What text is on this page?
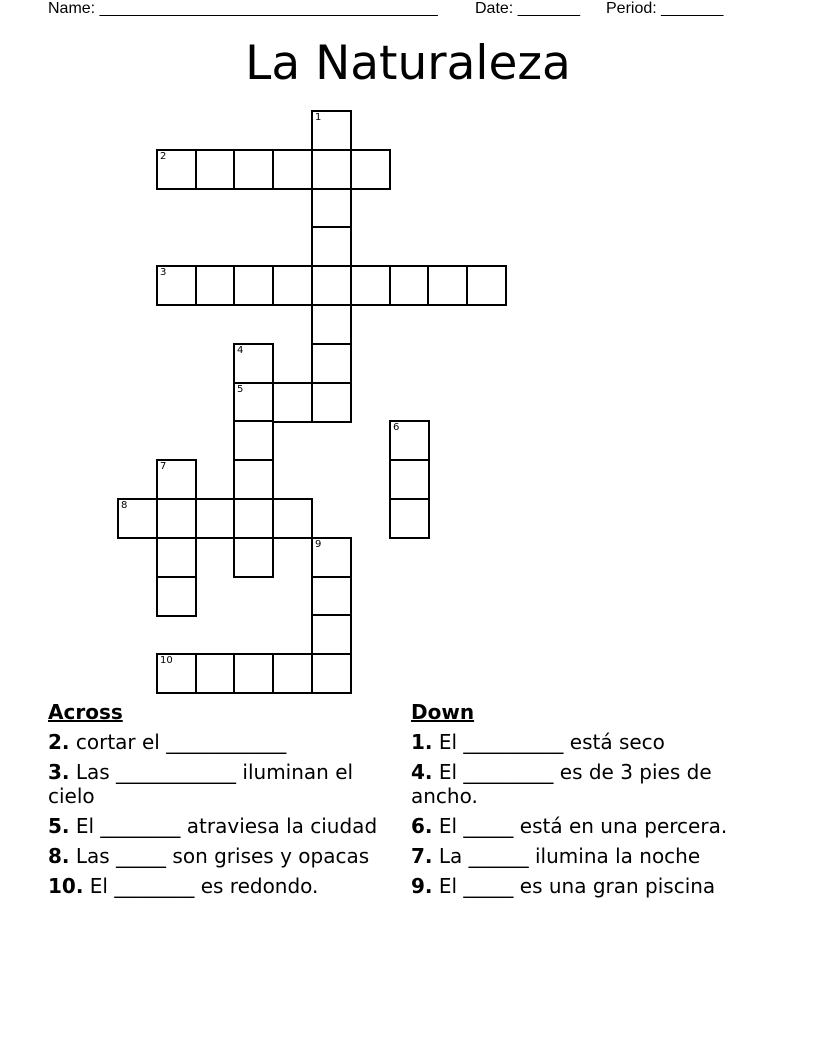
Name: ______________________________________ Date: _______ Period: _______
La Naturaleza
1
2
3
4
5
6
7
8
9
10
Across
2. cortar el ____________
3. Las ____________ iluminan el cielo
5. El ________ atraviesa la ciudad
8. Las _____ son grises y opacas
10. El ________ es redondo.
Down
1. El __________ está seco
4. El _________ es de 3 pies de ancho.
6. El _____ está en una percera.
7. La ______ ilumina la noche
9. El _____ es una gran piscina
